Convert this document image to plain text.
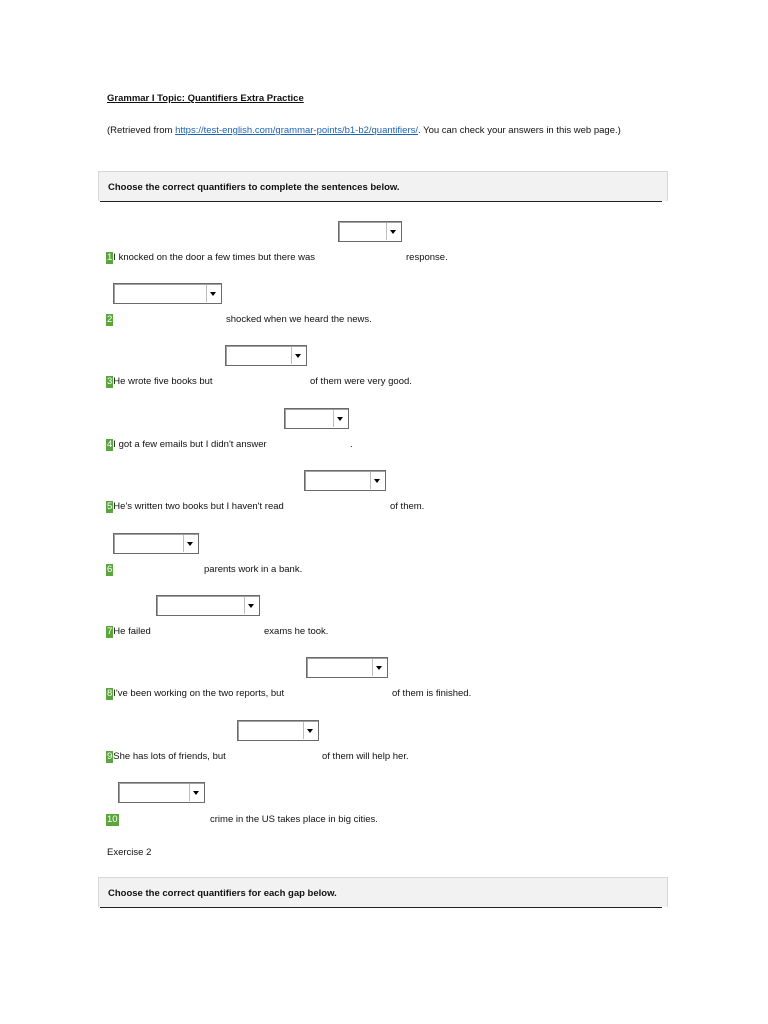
Grammar I Topic: Quantifiers Extra Practice
(Retrieved from https://test-english.com/grammar-points/b1-b2/quantifiers/. You can check your answers in this web page.)
Choose the correct quantifiers to complete the sentences below.
1I knocked on the door a few times but there was	response.
2	shocked when we heard the news.
3He wrote five books but	of them were very good.
4I got a few emails but I didn't answer	.
5He's written two books but I haven't read	of them.
6	parents work in a bank.
7He failed	exams he took.
8I've been working on the two reports, but	of them is finished.
9She has lots of friends, but	of them will help her.
10	crime in the US takes place in big cities.
Exercise 2
Choose the correct quantifiers for each gap below.
